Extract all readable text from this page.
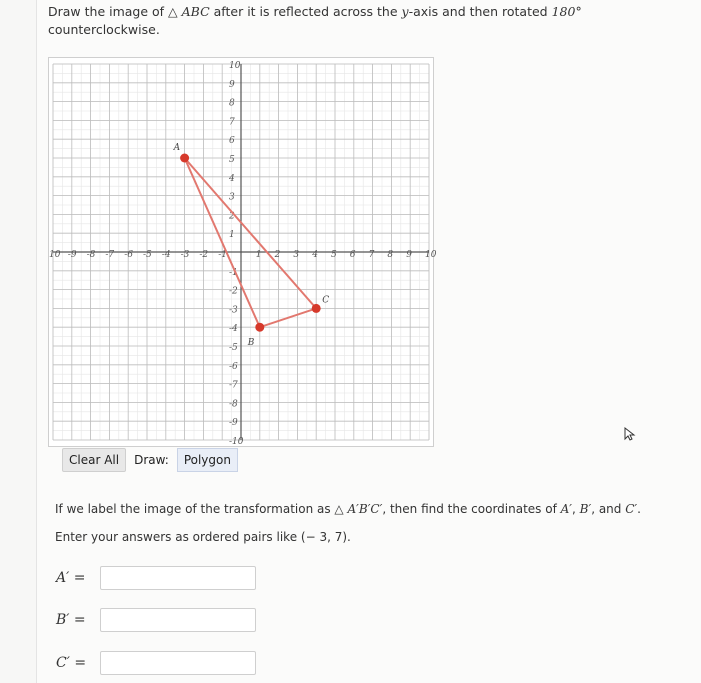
Draw the image of △ ABC after it is reflected across the y-axis and then rotated 180°
counterclockwise.
10 -9 -8 -7 -6 -5 -4 -3 -2 -1	1 2 3 4 5 6 7 8 9 10
10
9
8
7
6
5
4
3
2
1
-1
-2
-3
-4
-5
-6
-7
-8
-9
-10
A
B
C
Clear All	Draw:	Polygon
If we label the image of the transformation as △ A′B′C′, then find the coordinates of A′, B′, and C′.
Enter your answers as ordered pairs like (− 3, 7).
A′ =
B′ =
C′ =
